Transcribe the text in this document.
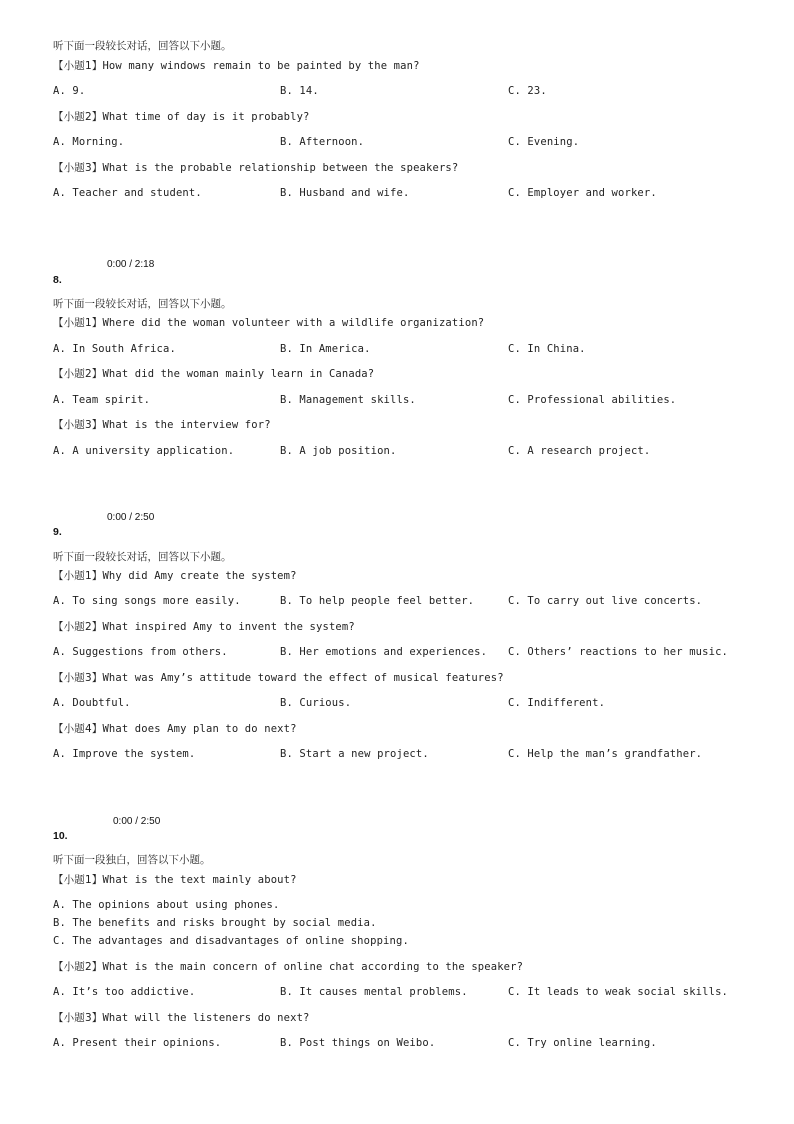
听下面一段较长对话，回答以下小题。
【小题1】How many windows remain to be painted by the man?
A. 9.	B. 14.	C. 23.
【小题2】What time of day is it probably?
A. Morning.	B. Afternoon.	C. Evening.
【小题3】What is the probable relationship between the speakers?
A. Teacher and student.	B. Husband and wife.	C. Employer and worker.
0:00 / 2:18
8.
听下面一段较长对话，回答以下小题。
【小题1】Where did the woman volunteer with a wildlife organization?
A. In South Africa.	B. In America.	C. In China.
【小题2】What did the woman mainly learn in Canada?
A. Team spirit.	B. Management skills.	C. Professional abilities.
【小题3】What is the interview for?
A. A university application.	B. A job position.	C. A research project.
0:00 / 2:50
9.
听下面一段较长对话，回答以下小题。
【小题1】Why did Amy create the system?
A. To sing songs more easily.	B. To help people feel better.	C. To carry out live concerts.
【小题2】What inspired Amy to invent the system?
A. Suggestions from others.	B. Her emotions and experiences. C. Others’ reactions to her music.
【小题3】What was Amy’s attitude toward the effect of musical features?
A. Doubtful.	B. Curious.	C. Indifferent.
【小题4】What does Amy plan to do next?
A. Improve the system.	B. Start a new project.	C. Help the man’s grandfather.
0:00 / 2:50
10.
听下面一段独白，回答以下小题。
【小题1】What is the text mainly about?
A. The opinions about using phones.
B. The benefits and risks brought by social media.
C. The advantages and disadvantages of online shopping.
【小题2】What is the main concern of online chat according to the speaker?
A. It’s too addictive.	B. It causes mental problems.	C. It leads to weak social skills.
【小题3】What will the listeners do next?
A. Present their opinions.	B. Post things on Weibo.	C. Try online learning.
